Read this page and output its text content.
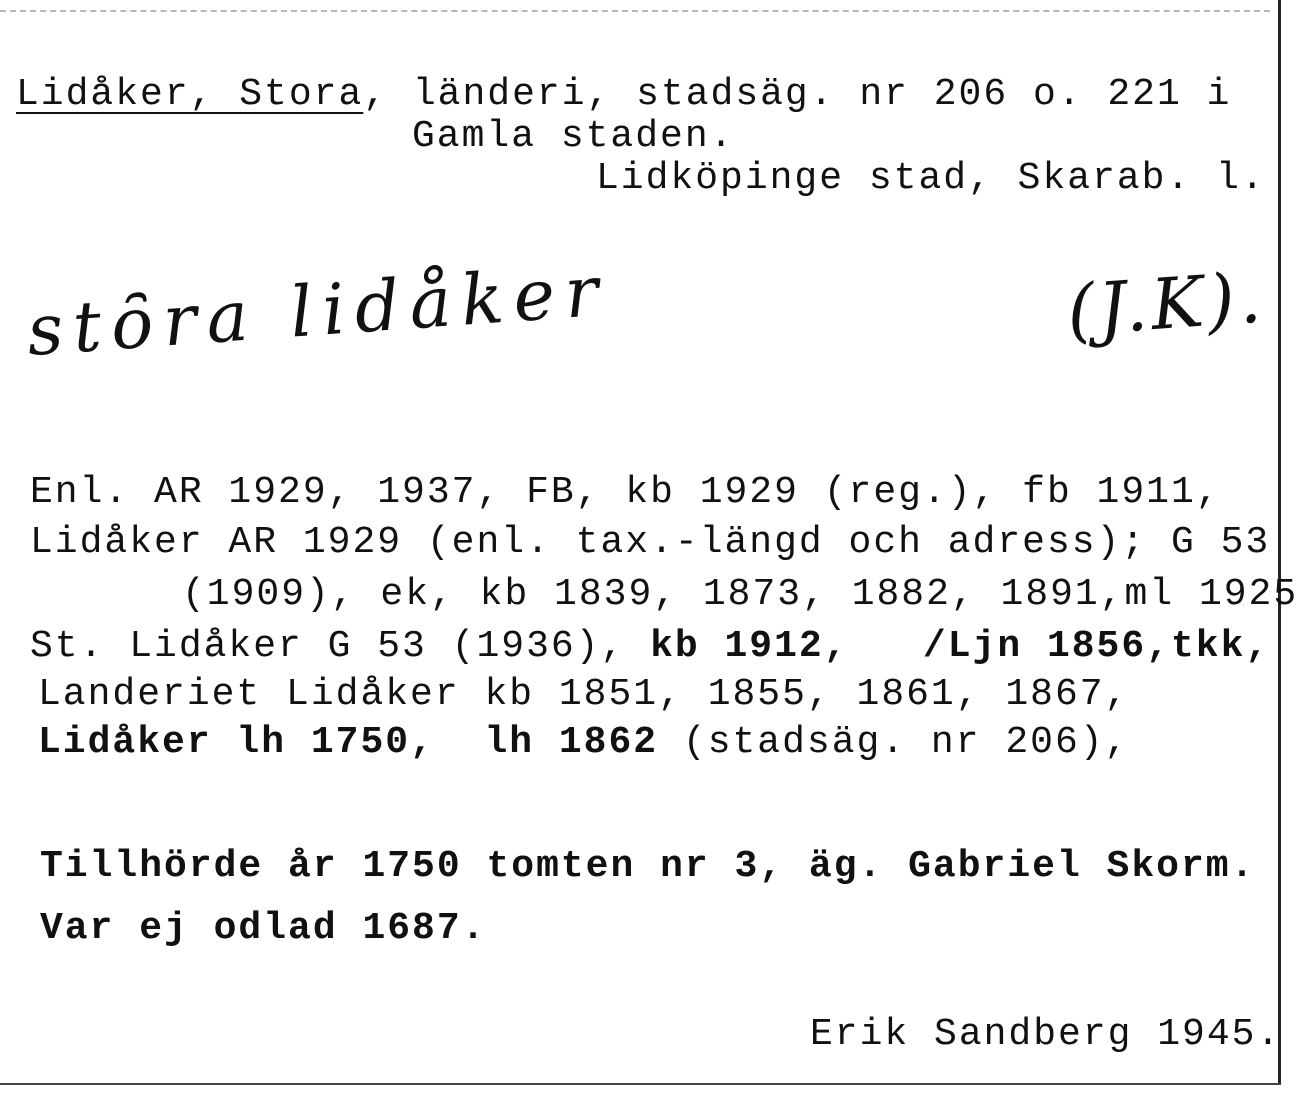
Lidåker, Stora, länderi, stadsäg. nr 206 o. 221 i
Gamla staden.
Lidköpinge stad, Skarab. l.
stȏra lidåker	(J.K).
Enl. AR 1929, 1937, FB, kb 1929 (reg.), fb 1911,
Lidåker AR 1929 (enl. tax.-längd och adress); G 53
(1909), ek, kb 1839, 1873, 1882, 1891,ml 1925
St. Lidåker G 53 (1936), kb 1912,   /Ljn 1856,tkk,
Landeriet Lidåker kb 1851, 1855, 1861, 1867,
Lidåker lh 1750,  lh 1862 (stadsäg. nr 206),
Tillhörde år 1750 tomten nr 3, äg. Gabriel Skorm.
Var ej odlad 1687.
Erik Sandberg 1945.
